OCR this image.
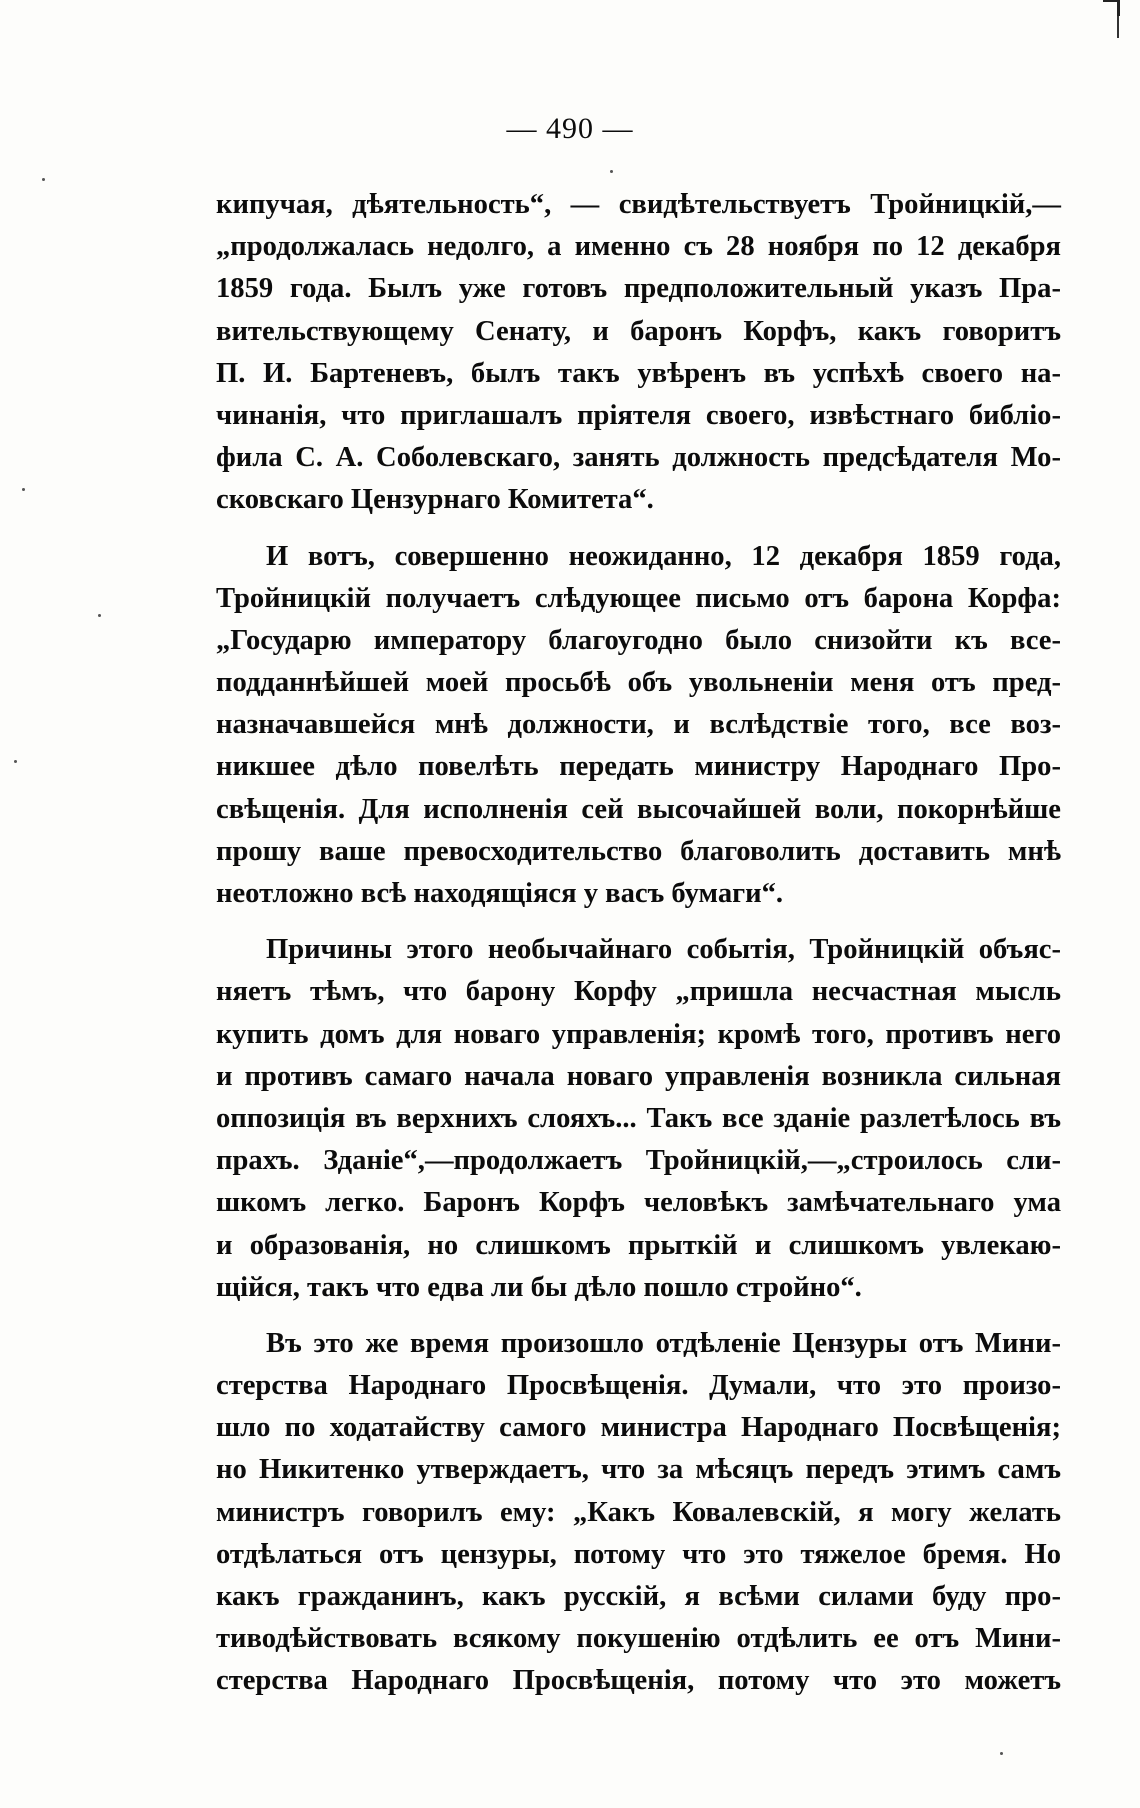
— 490 —
кипучая, дѣятельность“, — свидѣтельствуетъ Тройницкій,—
„продолжалась недолго, а именно съ 28 ноября по 12 декабря
1859 года. Былъ уже готовъ предположительный указъ Пра-
вительствующему Сенату, и баронъ Корфъ, какъ говоритъ
П. И. Бартеневъ, былъ такъ увѣренъ въ успѣхѣ своего на-
чинанія, что приглашалъ пріятеля своего, извѣстнаго библіо-
фила С. А. Соболевскаго, занять должность предсѣдателя Мо-
сковскаго Цензурнаго Комитета“.
И вотъ, совершенно неожиданно, 12 декабря 1859 года,
Тройницкій получаетъ слѣдующее письмо отъ барона Корфа:
„Государю императору благоугодно было снизойти къ все-
подданнѣйшей моей просьбѣ объ увольненіи меня отъ пред-
назначавшейся мнѣ должности, и вслѣдствіе того, все воз-
никшее дѣло повелѣть передать министру Народнаго Про-
свѣщенія. Для исполненія сей высочайшей воли, покорнѣйше
прошу ваше превосходительство благоволить доставить мнѣ
неотложно всѣ находящіяся у васъ бумаги“.
Причины этого необычайнаго событія, Тройницкій объяс-
няетъ тѣмъ, что барону Корфу „пришла несчастная мысль
купить домъ для новаго управленія; кромѣ того, противъ него
и противъ самаго начала новаго управленія возникла сильная
оппозиція въ верхнихъ слояхъ... Такъ все зданіе разлетѣлось въ
прахъ. Зданіе“,—продолжаетъ Тройницкій,—„строилось сли-
шкомъ легко. Баронъ Корфъ человѣкъ замѣчательнаго ума
и образованія, но слишкомъ прыткій и слишкомъ увлекаю-
щійся, такъ что едва ли бы дѣло пошло стройно“.
Въ это же время произошло отдѣленіе Цензуры отъ Мини-
стерства Народнаго Просвѣщенія. Думали, что это произо-
шло по ходатайству самого министра Народнаго Посвѣщенія;
но Никитенко утверждаетъ, что за мѣсяцъ передъ этимъ самъ
министръ говорилъ ему: „Какъ Ковалевскій, я могу желать
отдѣлаться отъ цензуры, потому что это тяжелое бремя. Но
какъ гражданинъ, какъ русскій, я всѣми силами буду про-
тиводѣйствовать всякому покушенію отдѣлить ее отъ Мини-
стерства Народнаго Просвѣщенія, потому что это можетъ
